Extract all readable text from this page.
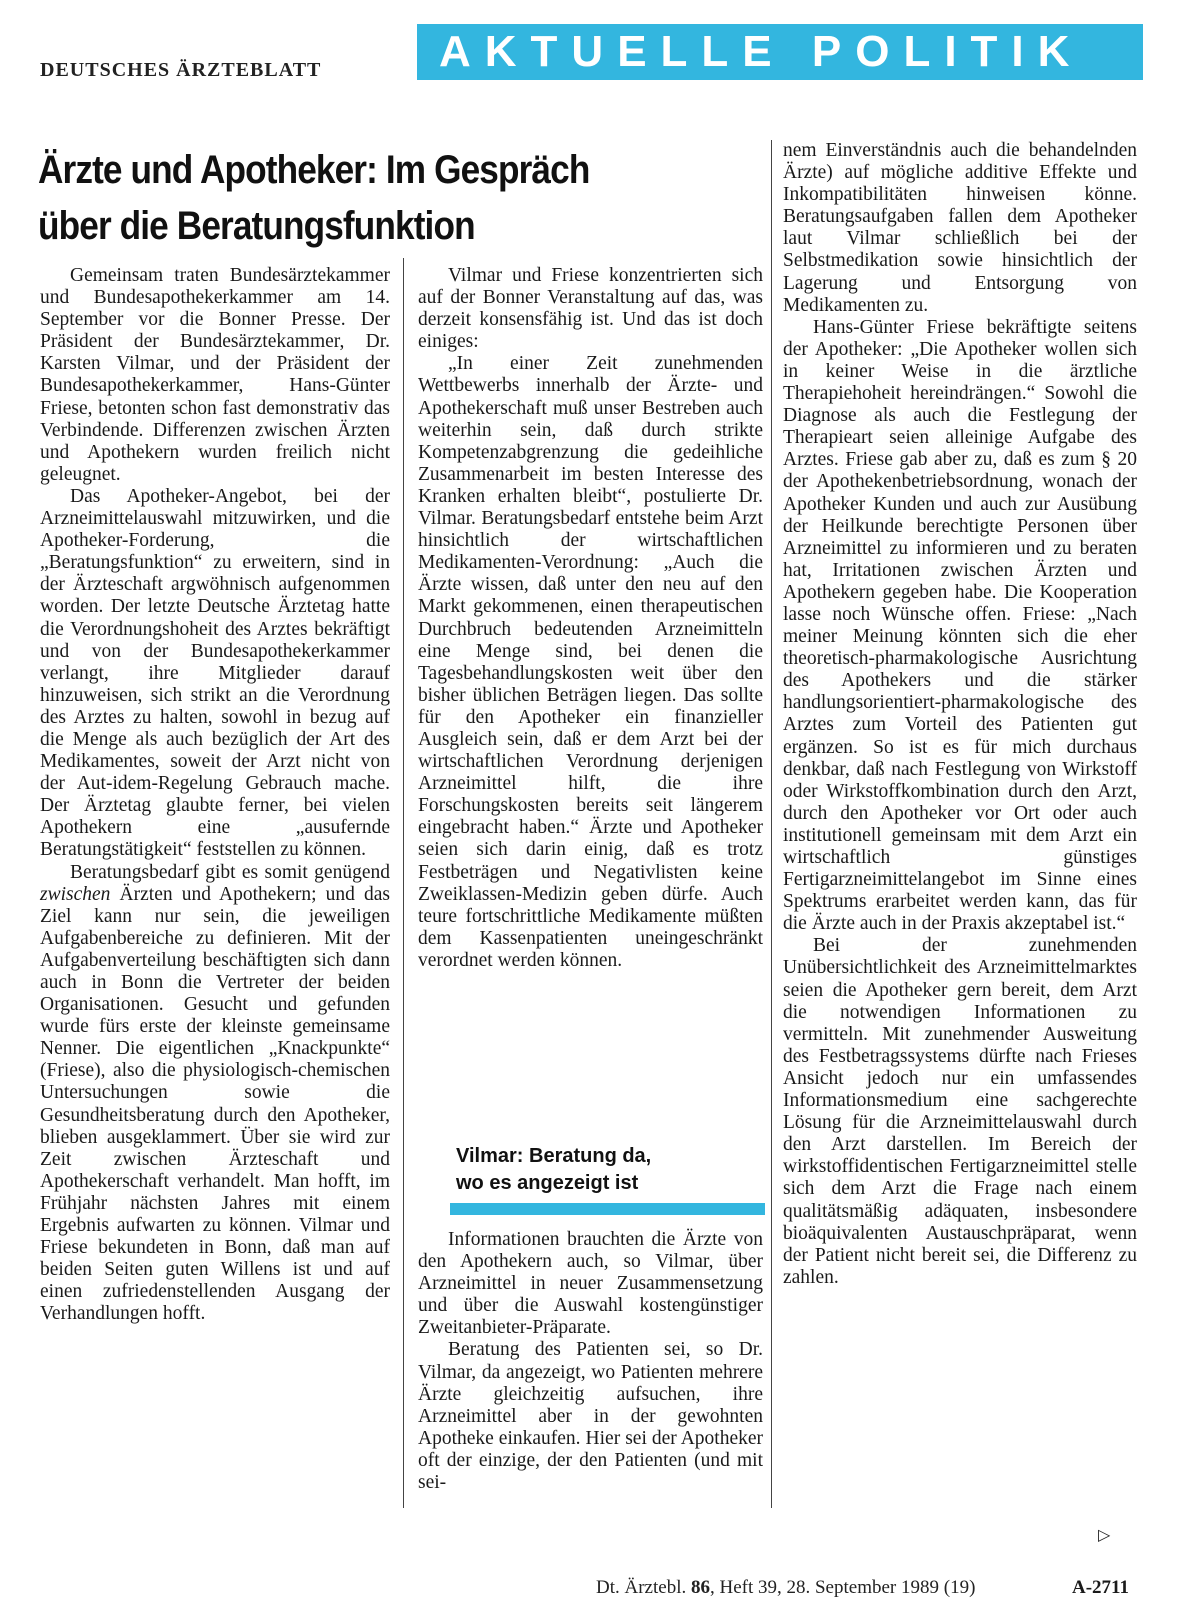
DEUTSCHES ÄRZTEBLATT	AKTUELLE POLITIK
Ärzte und Apotheker: Im Gespräch
über die Beratungsfunktion

Gemeinsam traten Bundesärztekammer und Bundesapothekerkammer am 14. September vor die Bonner Presse. Der Präsident der Bundesärztekammer, Dr. Karsten Vilmar, und der Präsident der Bundesapothekerkammer, Hans-Günter Friese, betonten schon fast demonstrativ das Verbindende. Differenzen zwischen Ärzten und Apothekern wurden freilich nicht geleugnet.

Das Apotheker-Angebot, bei der Arzneimittelauswahl mitzuwirken, und die Apotheker-Forderung, die „Beratungsfunktion“ zu erweitern, sind in der Ärzteschaft argwöhnisch aufgenommen worden. Der letzte Deutsche Ärztetag hatte die Verordnungshoheit des Arztes bekräftigt und von der Bundesapothekerkammer verlangt, ihre Mitglieder darauf hinzuweisen, sich strikt an die Verordnung des Arztes zu halten, sowohl in bezug auf die Menge als auch bezüglich der Art des Medikamentes, soweit der Arzt nicht von der Aut-idem-Regelung Gebrauch mache. Der Ärztetag glaubte ferner, bei vielen Apothekern eine „ausufernde Beratungstätigkeit“ feststellen zu können.

Beratungsbedarf gibt es somit genügend zwischen Ärzten und Apothekern; und das Ziel kann nur sein, die jeweiligen Aufgabenbereiche zu definieren. Mit der Aufgabenverteilung beschäftigten sich dann auch in Bonn die Vertreter der beiden Organisationen. Gesucht und gefunden wurde fürs erste der kleinste gemeinsame Nenner. Die eigentlichen „Knackpunkte“ (Friese), also die physiologisch-chemischen Untersuchungen sowie die Gesundheitsberatung durch den Apotheker, blieben ausgeklammert. Über sie wird zur Zeit zwischen Ärzteschaft und Apothekerschaft verhandelt. Man hofft, im Frühjahr nächsten Jahres mit einem Ergebnis aufwarten zu können. Vilmar und Friese bekundeten in Bonn, daß man auf beiden Seiten guten Willens ist und auf einen zufriedenstellenden Ausgang der Verhandlungen hofft.

Vilmar und Friese konzentrierten sich auf der Bonner Veranstaltung auf das, was derzeit konsensfähig ist. Und das ist doch einiges:

„In einer Zeit zunehmenden Wettbewerbs innerhalb der Ärzte- und Apothekerschaft muß unser Bestreben auch weiterhin sein, daß durch strikte Kompetenzabgrenzung die gedeihliche Zusammenarbeit im besten Interesse des Kranken erhalten bleibt“, postulierte Dr. Vilmar. Beratungsbedarf entstehe beim Arzt hinsichtlich der wirtschaftlichen Medikamenten-Verordnung: „Auch die Ärzte wissen, daß unter den neu auf den Markt gekommenen, einen therapeutischen Durchbruch bedeutenden Arzneimitteln eine Menge sind, bei denen die Tagesbehandlungskosten weit über den bisher üblichen Beträgen liegen. Das sollte für den Apotheker ein finanzieller Ausgleich sein, daß er dem Arzt bei der wirtschaftlichen Verordnung derjenigen Arzneimittel hilft, die ihre Forschungskosten bereits seit längerem eingebracht haben.“ Ärzte und Apotheker seien sich darin einig, daß es trotz Festbeträgen und Negativlisten keine Zweiklassen-Medizin geben dürfe. Auch teure fortschrittliche Medikamente müßten dem Kassenpatienten uneingeschränkt verordnet werden können.

Vilmar: Beratung da,
wo es angezeigt ist

Informationen brauchten die Ärzte von den Apothekern auch, so Vilmar, über Arzneimittel in neuer Zusammensetzung und über die Auswahl kostengünstiger Zweitanbieter-Präparate.

Beratung des Patienten sei, so Dr. Vilmar, da angezeigt, wo Patienten mehrere Ärzte gleichzeitig aufsuchen, ihre Arzneimittel aber in der gewohnten Apotheke einkaufen. Hier sei der Apotheker oft der einzige, der den Patienten (und mit sei-

nem Einverständnis auch die behandelnden Ärzte) auf mögliche additive Effekte und Inkompatibilitäten hinweisen könne. Beratungsaufgaben fallen dem Apotheker laut Vilmar schließlich bei der Selbstmedikation sowie hinsichtlich der Lagerung und Entsorgung von Medikamenten zu.

Hans-Günter Friese bekräftigte seitens der Apotheker: „Die Apotheker wollen sich in keiner Weise in die ärztliche Therapiehoheit hereindrängen.“ Sowohl die Diagnose als auch die Festlegung der Therapieart seien alleinige Aufgabe des Arztes. Friese gab aber zu, daß es zum § 20 der Apothekenbetriebsordnung, wonach der Apotheker Kunden und auch zur Ausübung der Heilkunde berechtigte Personen über Arzneimittel zu informieren und zu beraten hat, Irritationen zwischen Ärzten und Apothekern gegeben habe. Die Kooperation lasse noch Wünsche offen. Friese: „Nach meiner Meinung könnten sich die eher theoretisch-pharmakologische Ausrichtung des Apothekers und die stärker handlungsorientiert-pharmakologische des Arztes zum Vorteil des Patienten gut ergänzen. So ist es für mich durchaus denkbar, daß nach Festlegung von Wirkstoff oder Wirkstoffkombination durch den Arzt, durch den Apotheker vor Ort oder auch institutionell gemeinsam mit dem Arzt ein wirtschaftlich günstiges Fertigarzneimittelangebot im Sinne eines Spektrums erarbeitet werden kann, das für die Ärzte auch in der Praxis akzeptabel ist.“

Bei der zunehmenden Unübersichtlichkeit des Arzneimittelmarktes seien die Apotheker gern bereit, dem Arzt die notwendigen Informationen zu vermitteln. Mit zunehmender Ausweitung des Festbetragssystems dürfte nach Frieses Ansicht jedoch nur ein umfassendes Informationsmedium eine sachgerechte Lösung für die Arzneimittelauswahl durch den Arzt darstellen. Im Bereich der wirkstoffidentischen Fertigarzneimittel stelle sich dem Arzt die Frage nach einem qualitätsmäßig adäquaten, insbesondere bioäquivalenten Austauschpräparat, wenn der Patient nicht bereit sei, die Differenz zu zahlen.

▷
Dt. Ärztebl. 86, Heft 39, 28. September 1989 (19)	A-2711
